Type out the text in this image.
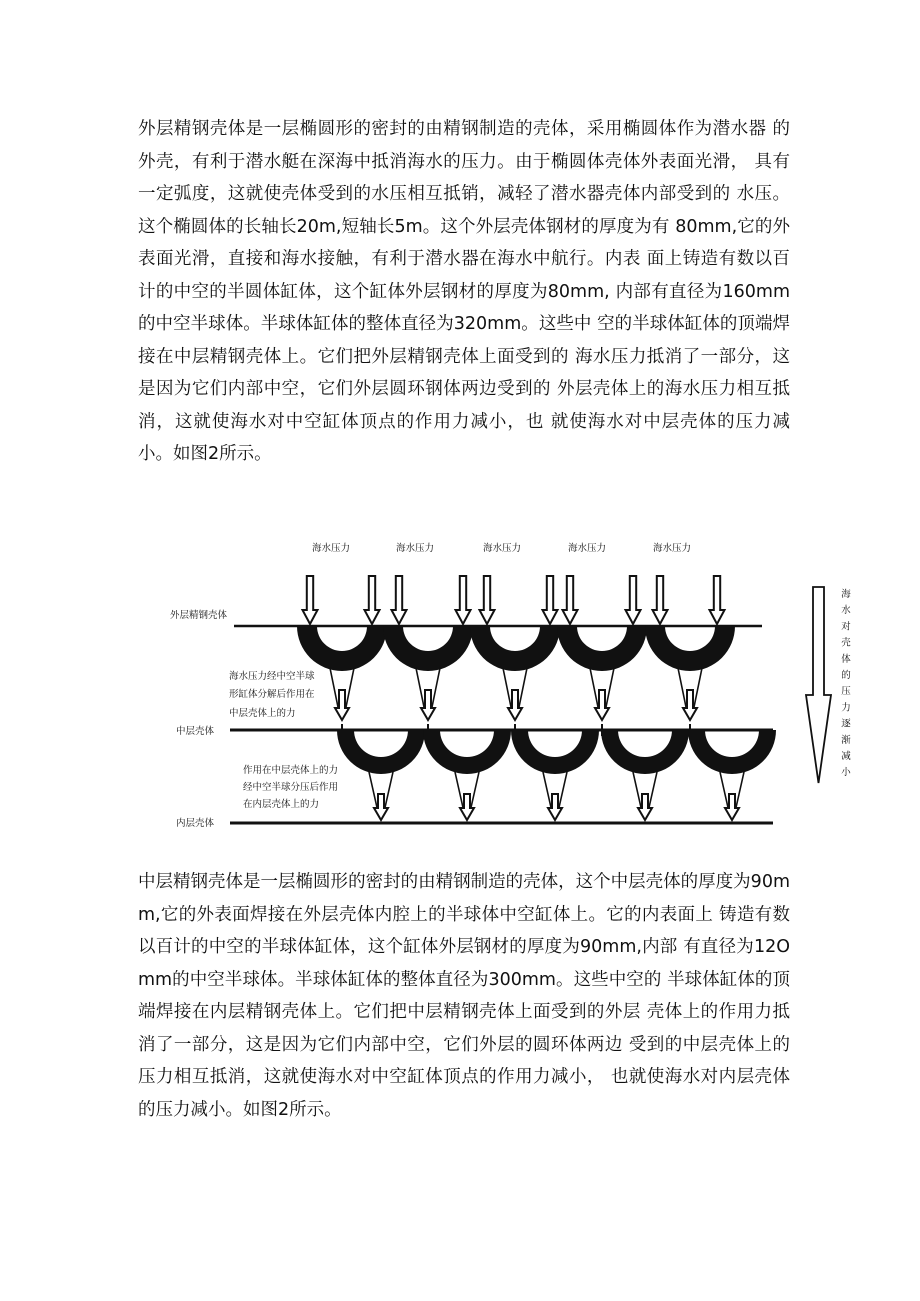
外层精钢壳体是一层椭圆形的密封的由精钢制造的壳体，采用椭圆体作为潜水器 的外壳，有利于潜水艇在深海中抵消海水的压力。由于椭圆体壳体外表面光滑， 具有一定弧度，这就使壳体受到的水压相互抵销，减轻了潜水器壳体内部受到的 水压。这个椭圆体的长轴长20m,短轴长5m。这个外层壳体钢材的厚度为有 80mm,它的外表面光滑，直接和海水接触，有利于潜水器在海水中航行。内表 面上铸造有数以百计的中空的半圆体缸体，这个缸体外层钢材的厚度为80mm, 内部有直径为160mm的中空半球体。半球体缸体的整体直径为320mm。这些中 空的半球体缸体的顶端焊接在中层精钢壳体上。它们把外层精钢壳体上面受到的 海水压力抵消了一部分，这是因为它们内部中空，它们外层圆环钢体两边受到的 外层壳体上的海水压力相互抵消，这就使海水对中空缸体顶点的作用力减小，也 就使海水对中层壳体的压力减小。如图2所示。

海水压力	海水压力	海水压力	海水压力	海水压力
外层精钢壳体
中层壳体
内层壳体
海水压力经中空半球
形缸体分解后作用在
中层壳体上的力
作用在中层壳体上的力
经中空半球分压后作用
在内层壳体上的力
海
水
对
壳
体
的
压
力
逐
渐
减
小

中层精钢壳体是一层椭圆形的密封的由精钢制造的壳体，这个中层壳体的厚度为90mm,它的外表面焊接在外层壳体内腔上的半球体中空缸体上。它的内表面上 铸造有数以百计的中空的半球体缸体，这个缸体外层钢材的厚度为90mm,内部 有直径为12Omm的中空半球体。半球体缸体的整体直径为300mm。这些中空的 半球体缸体的顶端焊接在内层精钢壳体上。它们把中层精钢壳体上面受到的外层 壳体上的作用力抵消了一部分，这是因为它们内部中空，它们外层的圆环体两边 受到的中层壳体上的压力相互抵消，这就使海水对中空缸体顶点的作用力减小， 也就使海水对内层壳体的压力减小。如图2所示。
